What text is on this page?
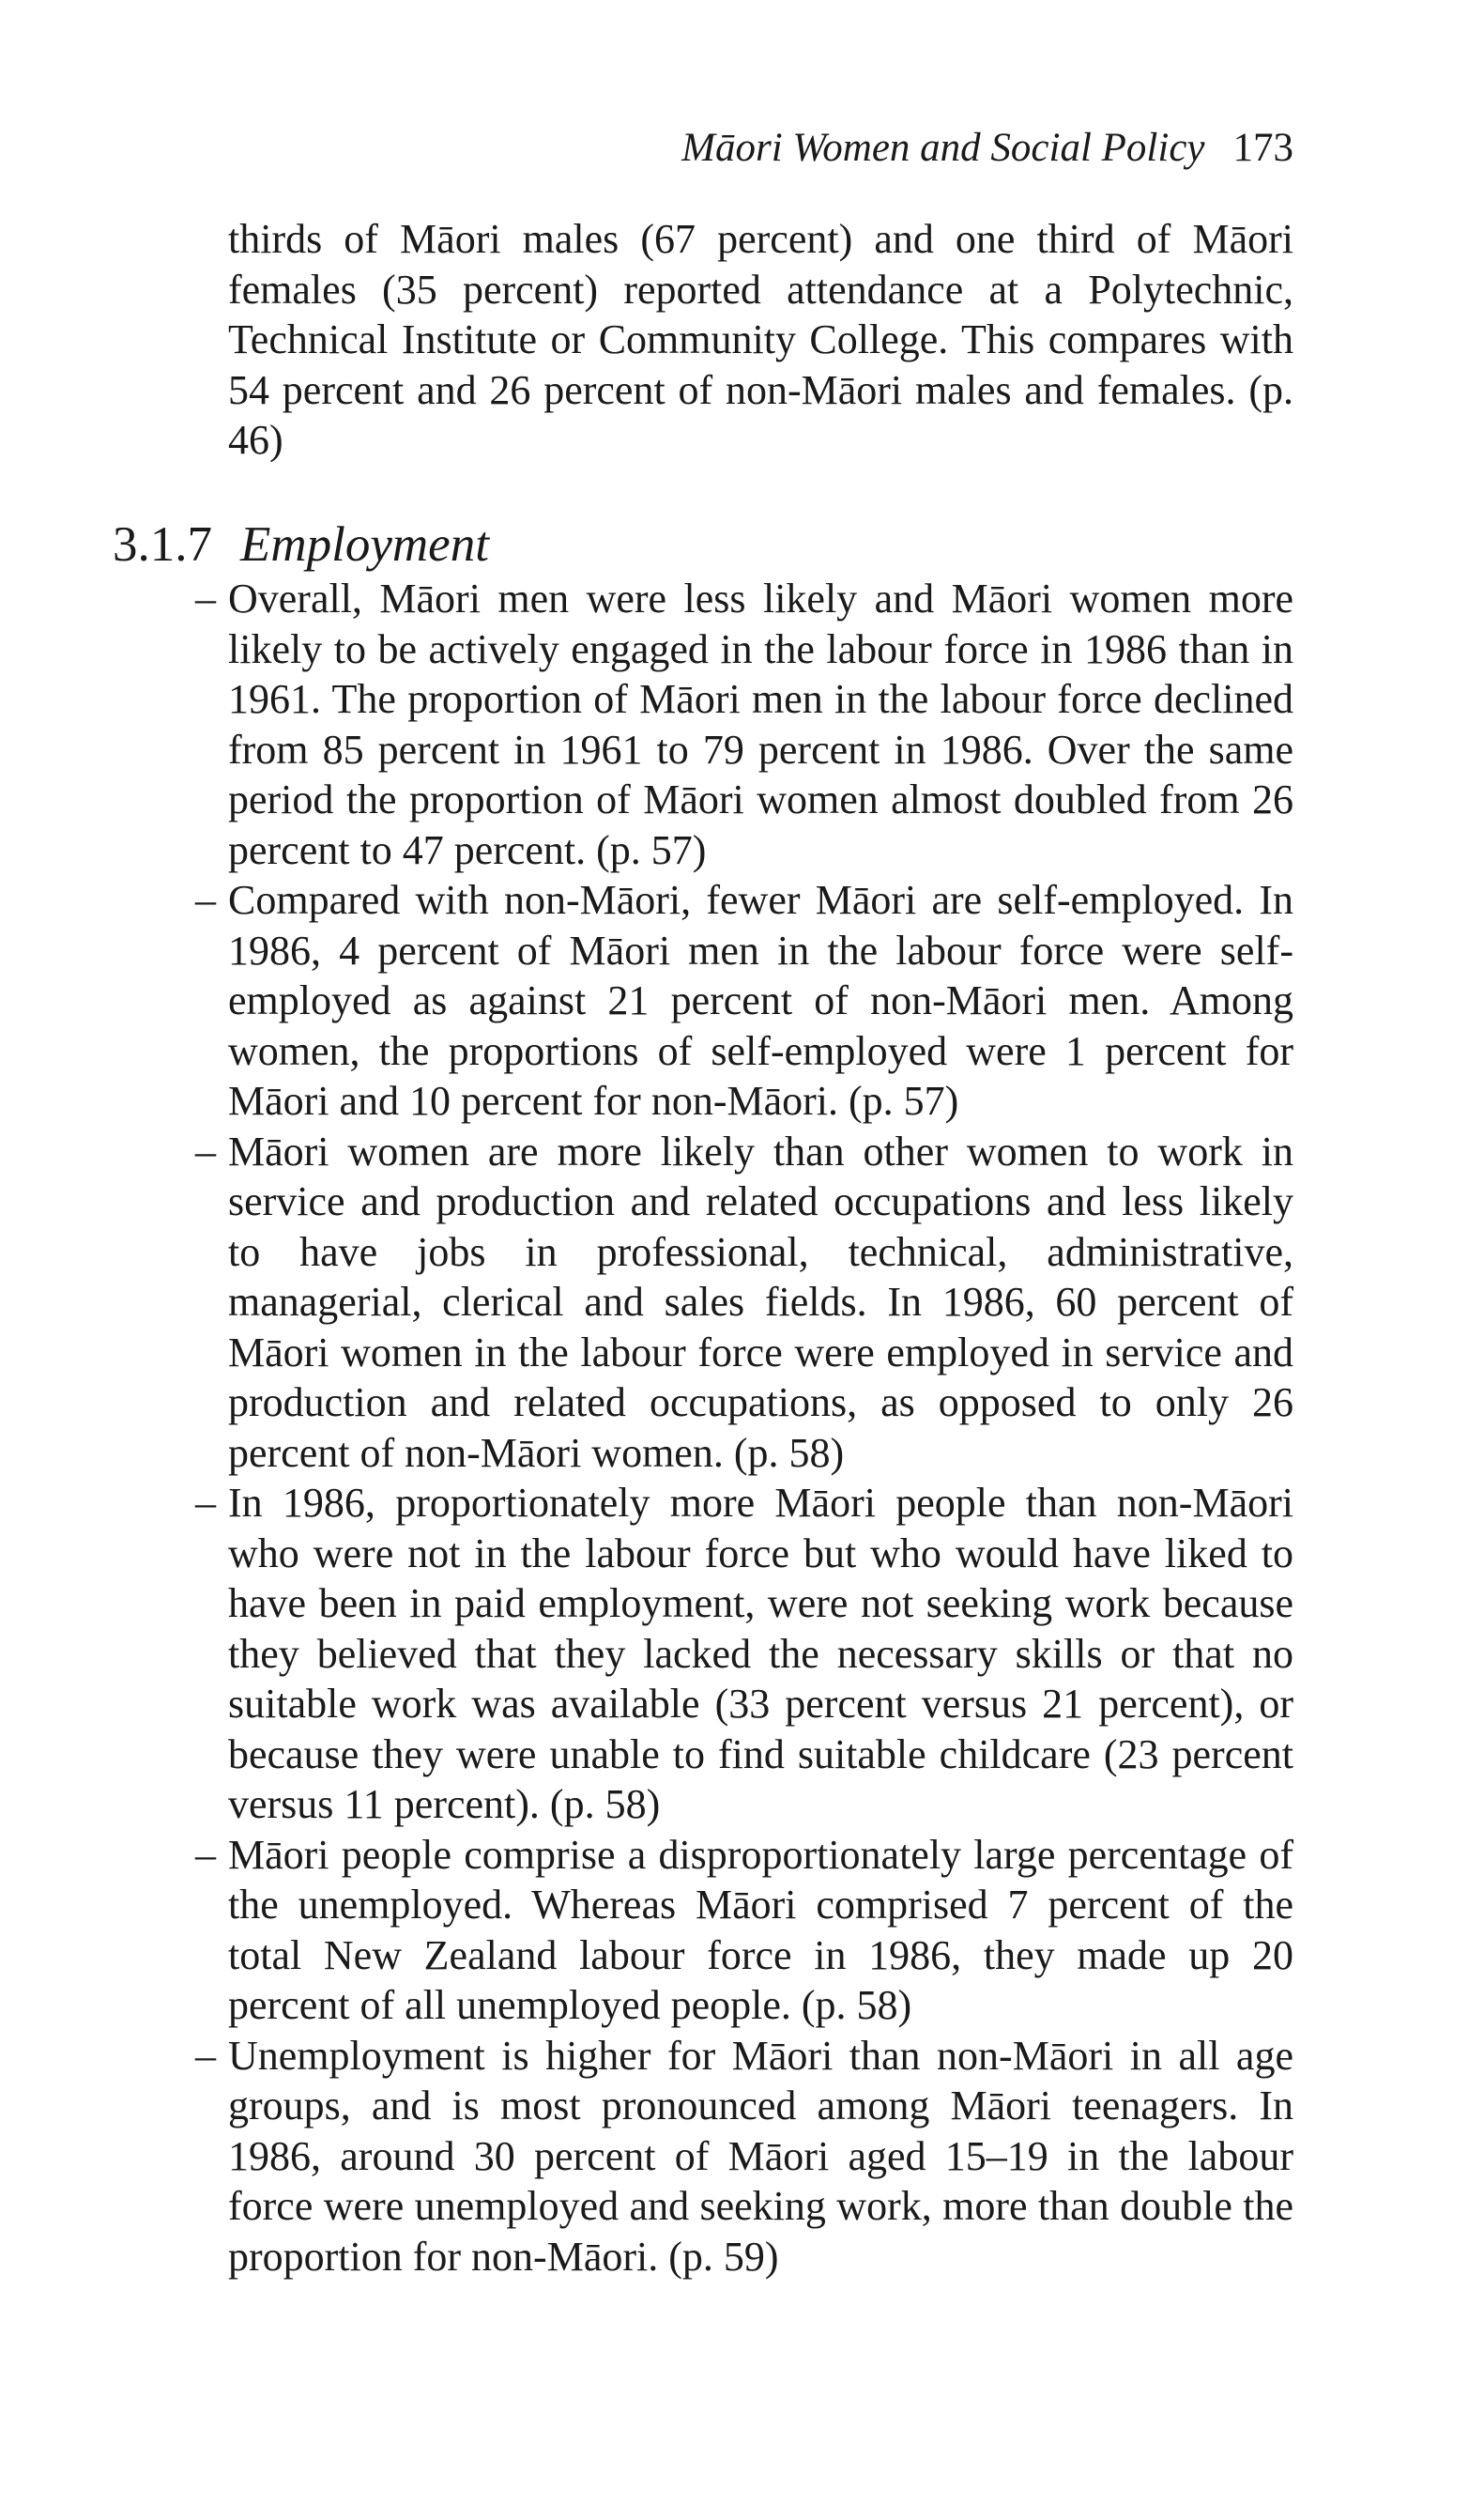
Māori Women and Social Policy 173

thirds of Māori males (67 percent) and one third of Māori females (35 percent) reported attendance at a Polytechnic, Technical Institute or Community College. This compares with 54 percent and 26 percent of non-Māori males and females. (p. 46)

3.1.7 Employment
– Overall, Māori men were less likely and Māori women more likely to be actively engaged in the labour force in 1986 than in 1961. The proportion of Māori men in the labour force declined from 85 percent in 1961 to 79 percent in 1986. Over the same period the proportion of Māori women almost doubled from 26 percent to 47 percent. (p. 57)

– Compared with non-Māori, fewer Māori are self-employed. In 1986, 4 percent of Māori men in the labour force were self-employed as against 21 percent of non-Māori men. Among women, the proportions of self-employed were 1 percent for Māori and 10 percent for non-Māori. (p. 57)

– Māori women are more likely than other women to work in service and production and related occupations and less likely to have jobs in professional, technical, administrative, managerial, clerical and sales fields. In 1986, 60 percent of Māori women in the labour force were employed in service and production and related occupations, as opposed to only 26 percent of non-Māori women. (p. 58)

– In 1986, proportionately more Māori people than non-Māori who were not in the labour force but who would have liked to have been in paid employment, were not seeking work because they believed that they lacked the necessary skills or that no suitable work was available (33 percent versus 21 percent), or because they were unable to find suitable childcare (23 percent versus 11 percent). (p. 58)

– Māori people comprise a disproportionately large percentage of the unemployed. Whereas Māori comprised 7 percent of the total New Zealand labour force in 1986, they made up 20 percent of all unemployed people. (p. 58)

– Unemployment is higher for Māori than non-Māori in all age groups, and is most pronounced among Māori teenagers. In 1986, around 30 percent of Māori aged 15–19 in the labour force were unemployed and seeking work, more than double the proportion for non-Māori. (p. 59)
